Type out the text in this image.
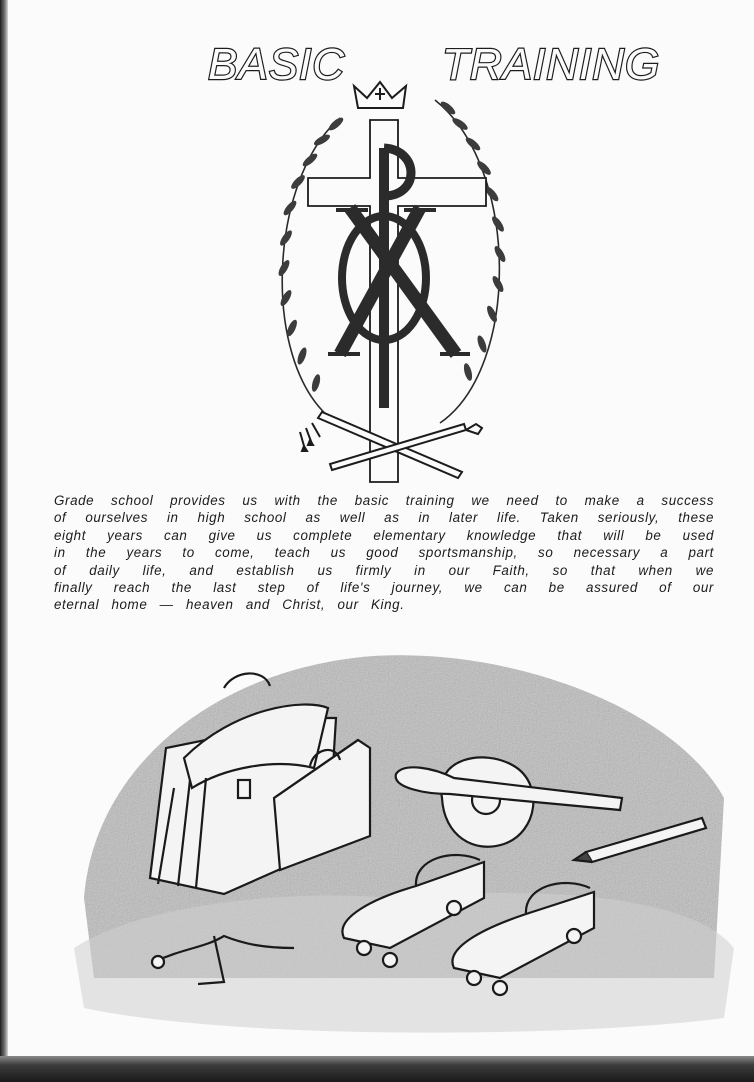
BASIC TRAINING

Grade school provides us with the basic training we need to make a success
of ourselves in high school as well as in later life. Taken seriously, these
eight years can give us complete elementary knowledge that will be used
in the years to come, teach us good sportsmanship, so necessary a part
of daily life, and establish us firmly in our Faith, so that when we
finally reach the last step of life's journey, we can be assured of our
eternal home — heaven and Christ, our King.
